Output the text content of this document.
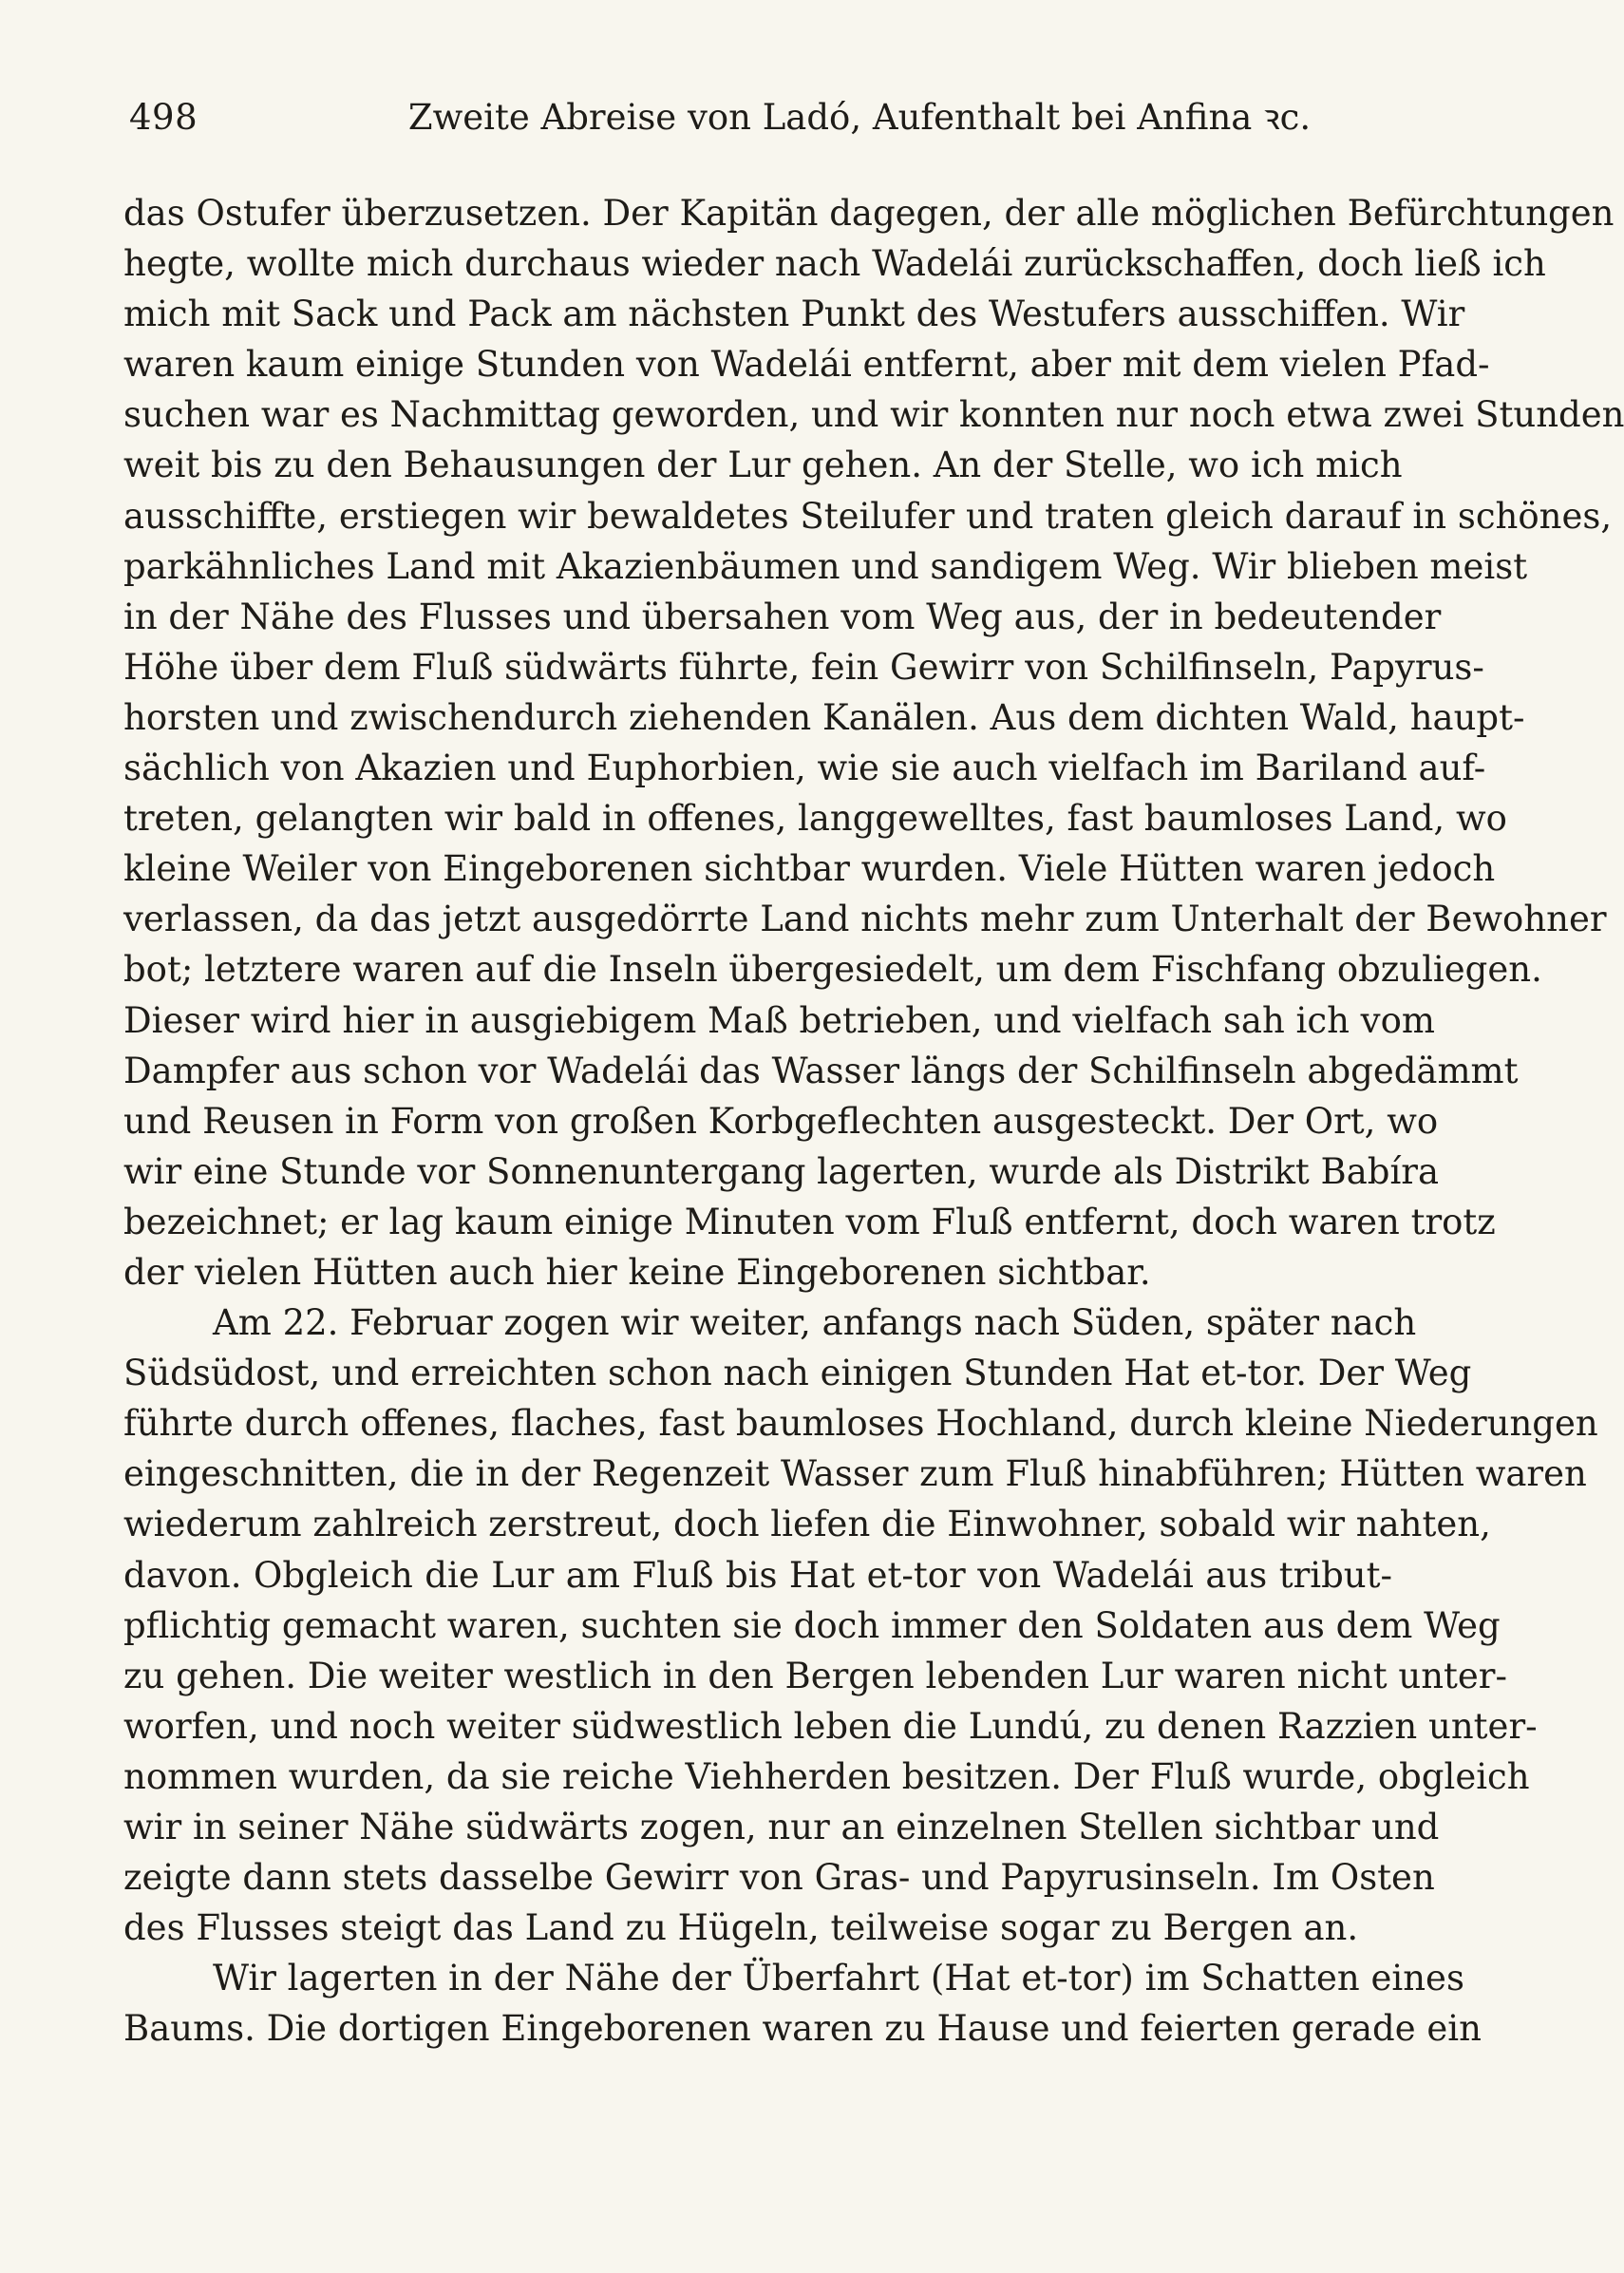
498	Zweite Abreise von Ladó, Aufenthalt bei Anfina ꝛc.
das Ostufer überzusetzen. Der Kapitän dagegen, der alle möglichen Befürchtungen
hegte, wollte mich durchaus wieder nach Wadelái zurückschaffen, doch ließ ich
mich mit Sack und Pack am nächsten Punkt des Westufers ausschiffen. Wir
waren kaum einige Stunden von Wadelái entfernt, aber mit dem vielen Pfad-
suchen war es Nachmittag geworden, und wir konnten nur noch etwa zwei Stunden
weit bis zu den Behausungen der Lur gehen. An der Stelle, wo ich mich
ausschiffte, erstiegen wir bewaldetes Steilufer und traten gleich darauf in schönes,
parkähnliches Land mit Akazienbäumen und sandigem Weg. Wir blieben meist
in der Nähe des Flusses und übersahen vom Weg aus, der in bedeutender
Höhe über dem Fluß südwärts führte, fein Gewirr von Schilfinseln, Papyrus-
horsten und zwischendurch ziehenden Kanälen. Aus dem dichten Wald, haupt-
sächlich von Akazien und Euphorbien, wie sie auch vielfach im Bariland auf-
treten, gelangten wir bald in offenes, langgewelltes, fast baumloses Land, wo
kleine Weiler von Eingeborenen sichtbar wurden. Viele Hütten waren jedoch
verlassen, da das jetzt ausgedörrte Land nichts mehr zum Unterhalt der Bewohner
bot; letztere waren auf die Inseln übergesiedelt, um dem Fischfang obzuliegen.
Dieser wird hier in ausgiebigem Maß betrieben, und vielfach sah ich vom
Dampfer aus schon vor Wadelái das Wasser längs der Schilfinseln abgedämmt
und Reusen in Form von großen Korbgeflechten ausgesteckt. Der Ort, wo
wir eine Stunde vor Sonnenuntergang lagerten, wurde als Distrikt Babíra
bezeichnet; er lag kaum einige Minuten vom Fluß entfernt, doch waren trotz
der vielen Hütten auch hier keine Eingeborenen sichtbar.
Am 22. Februar zogen wir weiter, anfangs nach Süden, später nach
Südsüdost, und erreichten schon nach einigen Stunden Hat et-tor. Der Weg
führte durch offenes, flaches, fast baumloses Hochland, durch kleine Niederungen
eingeschnitten, die in der Regenzeit Wasser zum Fluß hinabführen; Hütten waren
wiederum zahlreich zerstreut, doch liefen die Einwohner, sobald wir nahten,
davon. Obgleich die Lur am Fluß bis Hat et-tor von Wadelái aus tribut-
pflichtig gemacht waren, suchten sie doch immer den Soldaten aus dem Weg
zu gehen. Die weiter westlich in den Bergen lebenden Lur waren nicht unter-
worfen, und noch weiter südwestlich leben die Lundú, zu denen Razzien unter-
nommen wurden, da sie reiche Viehherden besitzen. Der Fluß wurde, obgleich
wir in seiner Nähe südwärts zogen, nur an einzelnen Stellen sichtbar und
zeigte dann stets dasselbe Gewirr von Gras- und Papyrusinseln. Im Osten
des Flusses steigt das Land zu Hügeln, teilweise sogar zu Bergen an.
Wir lagerten in der Nähe der Überfahrt (Hat et-tor) im Schatten eines
Baums. Die dortigen Eingeborenen waren zu Hause und feierten gerade ein
